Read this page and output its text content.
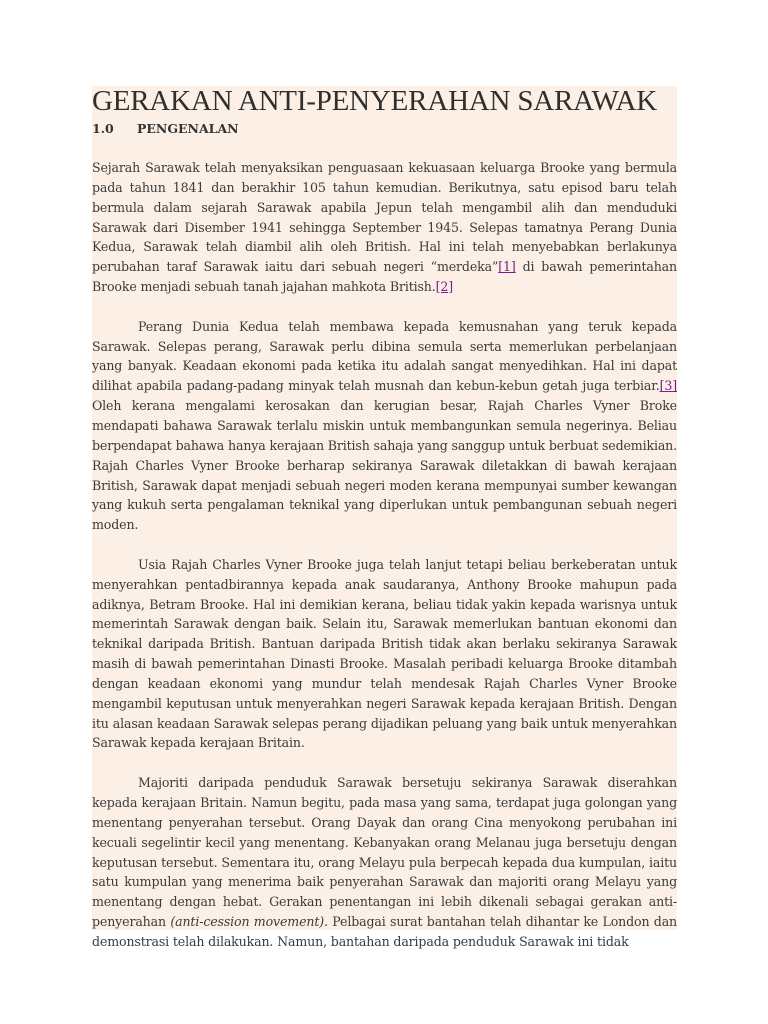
GERAKAN ANTI-PENYERAHAN SARAWAK
1.0 PENGENALAN

Sejarah Sarawak telah menyaksikan penguasaan kekuasaan keluarga Brooke yang bermula pada tahun 1841 dan berakhir 105 tahun kemudian. Berikutnya, satu episod baru telah bermula dalam sejarah Sarawak apabila Jepun telah mengambil alih dan menduduki Sarawak dari Disember 1941 sehingga September 1945. Selepas tamatnya Perang Dunia Kedua, Sarawak telah diambil alih oleh British. Hal ini telah menyebabkan berlakunya perubahan taraf Sarawak iaitu dari sebuah negeri “merdeka”[1] di bawah pemerintahan Brooke menjadi sebuah tanah jajahan mahkota British.[2]

Perang Dunia Kedua telah membawa kepada kemusnahan yang teruk kepada Sarawak. Selepas perang, Sarawak perlu dibina semula serta memerlukan perbelanjaan yang banyak. Keadaan ekonomi pada ketika itu adalah sangat menyedihkan. Hal ini dapat dilihat apabila padang-padang minyak telah musnah dan kebun-kebun getah juga terbiar.[3] Oleh kerana mengalami kerosakan dan kerugian besar, Rajah Charles Vyner Broke mendapati bahawa Sarawak terlalu miskin untuk membangunkan semula negerinya. Beliau berpendapat bahawa hanya kerajaan British sahaja yang sanggup untuk berbuat sedemikian. Rajah Charles Vyner Brooke berharap sekiranya Sarawak diletakkan di bawah kerajaan British, Sarawak dapat menjadi sebuah negeri moden kerana mempunyai sumber kewangan yang kukuh serta pengalaman teknikal yang diperlukan untuk pembangunan sebuah negeri moden.

Usia Rajah Charles Vyner Brooke juga telah lanjut tetapi beliau berkeberatan untuk menyerahkan pentadbirannya kepada anak saudaranya, Anthony Brooke mahupun pada adiknya, Betram Brooke. Hal ini demikian kerana, beliau tidak yakin kepada warisnya untuk memerintah Sarawak dengan baik. Selain itu, Sarawak memerlukan bantuan ekonomi dan teknikal daripada British. Bantuan daripada British tidak akan berlaku sekiranya Sarawak masih di bawah pemerintahan Dinasti Brooke. Masalah peribadi keluarga Brooke ditambah dengan keadaan ekonomi yang mundur telah mendesak Rajah Charles Vyner Brooke mengambil keputusan untuk menyerahkan negeri Sarawak kepada kerajaan British. Dengan itu alasan keadaan Sarawak selepas perang dijadikan peluang yang baik untuk menyerahkan Sarawak kepada kerajaan Britain.

Majoriti daripada penduduk Sarawak bersetuju sekiranya Sarawak diserahkan kepada kerajaan Britain. Namun begitu, pada masa yang sama, terdapat juga golongan yang menentang penyerahan tersebut. Orang Dayak dan orang Cina menyokong perubahan ini kecuali segelintir kecil yang menentang. Kebanyakan orang Melanau juga bersetuju dengan keputusan tersebut. Sementara itu, orang Melayu pula berpecah kepada dua kumpulan, iaitu satu kumpulan yang menerima baik penyerahan Sarawak dan majoriti orang Melayu yang menentang dengan hebat. Gerakan penentangan ini lebih dikenali sebagai gerakan anti-penyerahan (anti-cession movement). Pelbagai surat bantahan telah dihantar ke London dan demonstrasi telah dilakukan. Namun, bantahan daripada penduduk Sarawak ini tidak
